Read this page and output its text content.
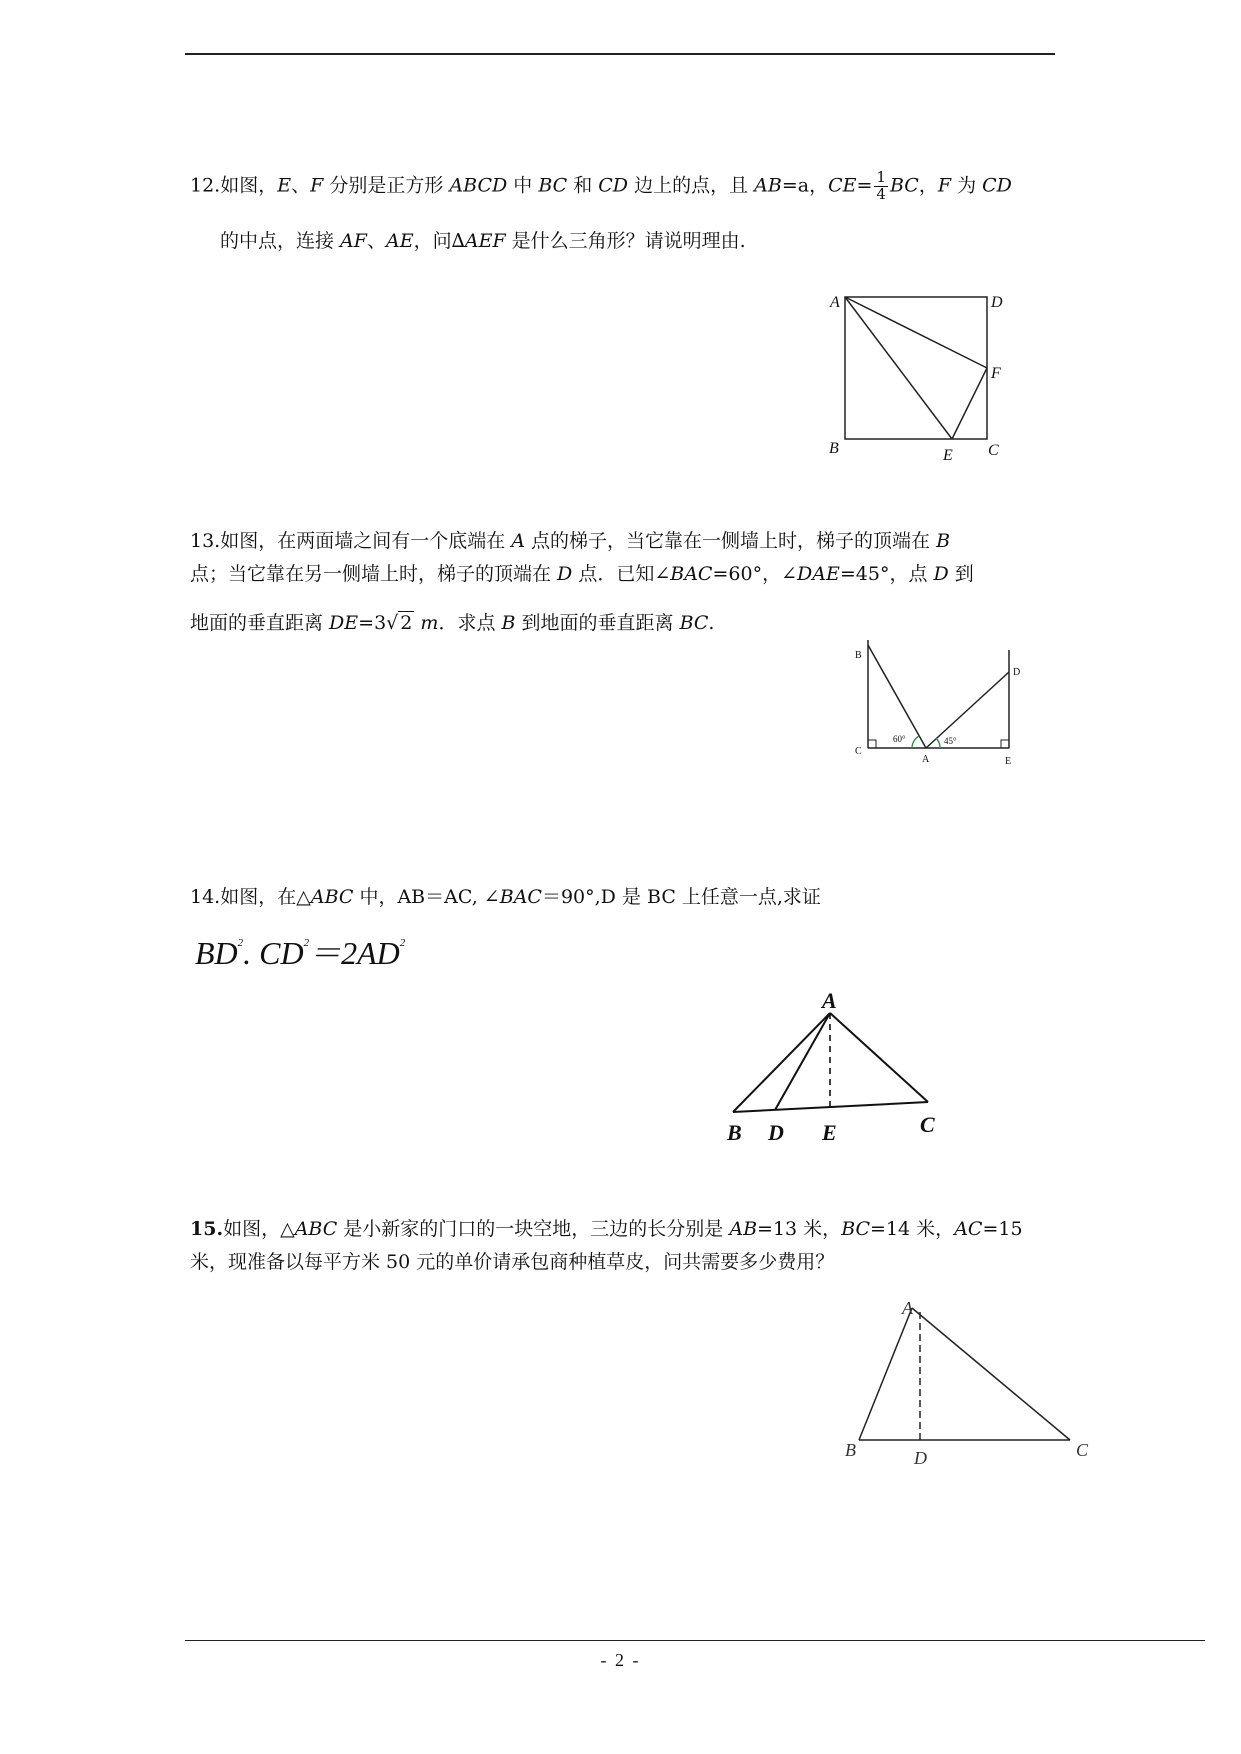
12.如图，E、F 分别是正方形 ABCD 中 BC 和 CD 边上的点，且 AB=a，$CE= \frac{1}{4}$ BC，F 为 CD

的中点，连接 AF、AE，问∆AEF 是什么三角形？请说明理由.

A	D
F
B	E C

13.如图，在两面墙之间有一个底端在 A 点的梯子，当它靠在一侧墙上时，梯子的顶端在 B

点；当它靠在另一侧墙上时，梯子的顶端在 D 点．已知∠BAC=60°，∠DAE=45°，点 D 到

地面的垂直距离 DE=3√ 2 m．求点 B 到地面的垂直距离 BC.

B
D
C
A	E
60°	45°

14.如图，在△ABC 中，AB＝AC, ∠BAC＝90°,D 是 BC 上任意一点,求证

$BD^2$. $CD^2=2AD^2$
A
B D E	C

15.如图，△ABC 是小新家的门口的一块空地，三边的长分别是 AB=13 米，BC=14 米，AC=15

米，现准备以每平方米 50 元的单价请承包商种植草皮，问共需要多少费用？

A
B	D	C
- 2 -
